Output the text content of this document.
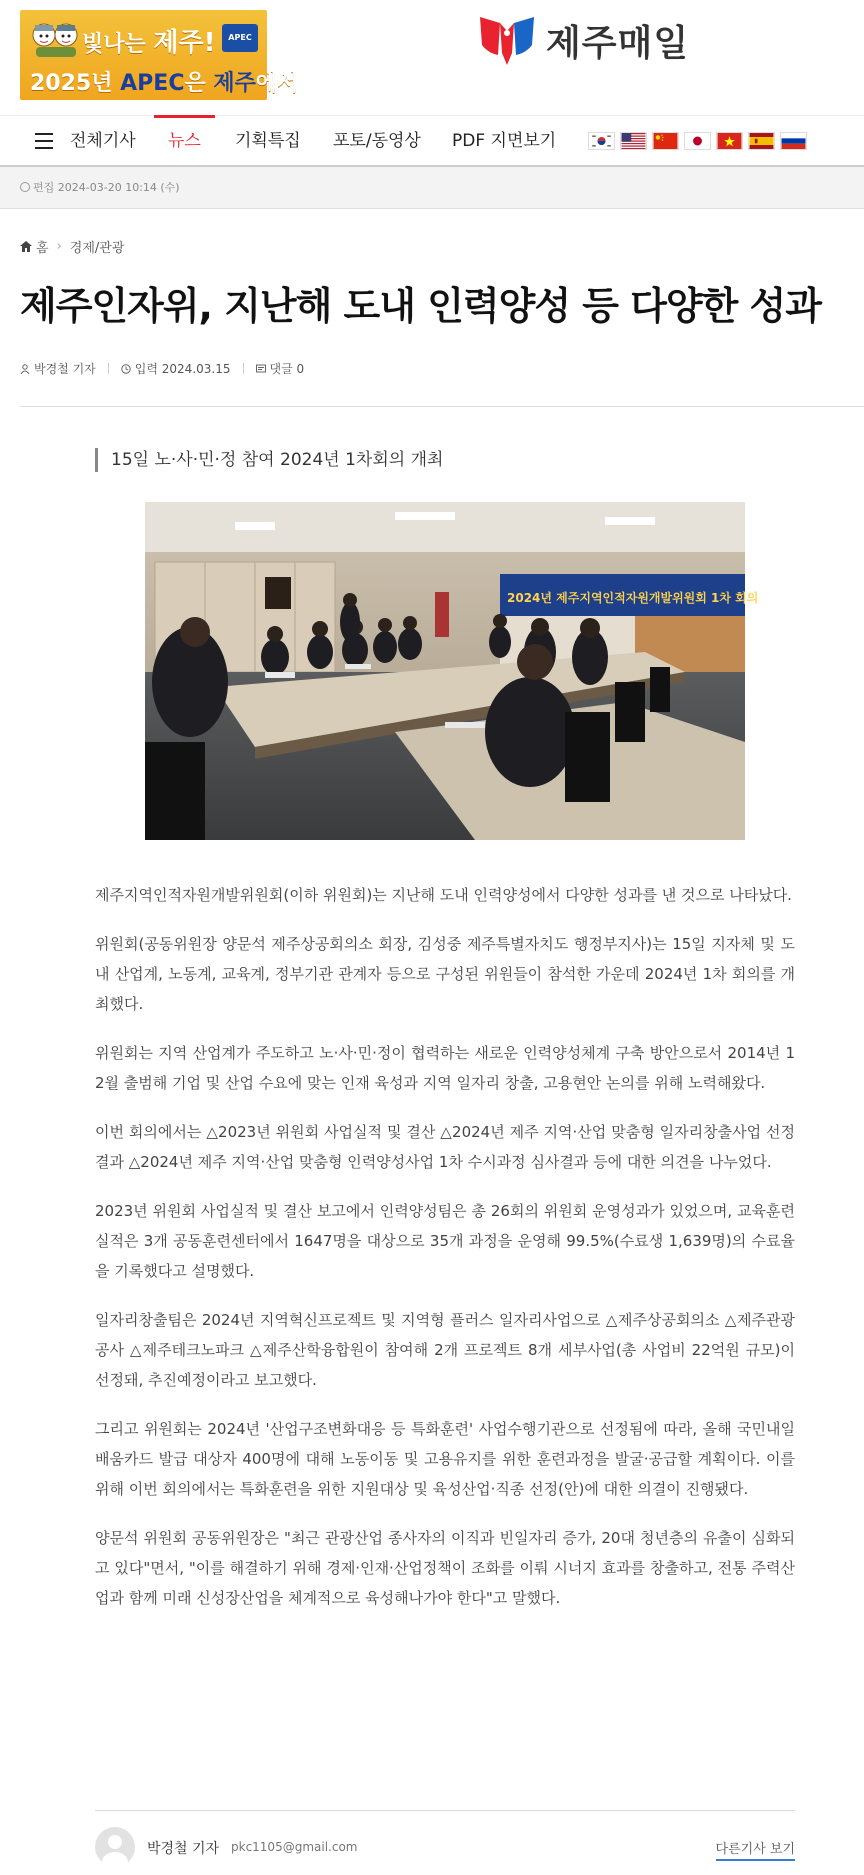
빛나는 제주!	APEC
2025년 APEC은 제주에서
제주매일
전체기사 뉴스 기획특집 포토/동영상 PDF 지면보기
편집 2024-03-20 10:14 (수)
홈 › 경제/관광
제주인자위, 지난해 도내 인력양성 등 다양한 성과
박경철 기자	입력 2024.03.15	댓글 0
15일 노·사·민·정 참여 2024년 1차회의 개최
2024년 제주지역인적자원개발위원회 1차 회의

제주지역인적자원개발위원회(이하 위원회)는 지난해 도내 인력양성에서 다양한 성과를 낸 것으로 나타났다.

위원회(공동위원장 양문석 제주상공회의소 회장, 김성중 제주특별자치도 행정부지사)는 15일 지자체 및 도내 산업계, 노동계, 교육계, 정부기관 관계자 등으로 구성된 위원들이 참석한 가운데 2024년 1차 회의를 개최했다.

위원회는 지역 산업계가 주도하고 노·사·민·정이 협력하는 새로운 인력양성체계 구축 방안으로서 2014년 12월 출범해 기업 및 산업 수요에 맞는 인재 육성과 지역 일자리 창출, 고용현안 논의를 위해 노력해왔다.

이번 회의에서는 △2023년 위원회 사업실적 및 결산 △2024년 제주 지역·산업 맞춤형 일자리창출사업 선정 결과 △2024년 제주 지역·산업 맞춤형 인력양성사업 1차 수시과정 심사결과 등에 대한 의견을 나누었다.

2023년 위원회 사업실적 및 결산 보고에서 인력양성팀은 총 26회의 위원회 운영성과가 있었으며, 교육훈련실적은 3개 공동훈련센터에서 1647명을 대상으로 35개 과정을 운영해 99.5%(수료생 1,639명)의 수료율을 기록했다고 설명했다.

일자리창출팀은 2024년 지역혁신프로젝트 및 지역형 플러스 일자리사업으로 △제주상공회의소 △제주관광공사 △제주테크노파크 △제주산학융합원이 참여해 2개 프로젝트 8개 세부사업(총 사업비 22억원 규모)이 선정돼, 추진예정이라고 보고했다.

그리고 위원회는 2024년 '산업구조변화대응 등 특화훈련' 사업수행기관으로 선정됨에 따라, 올해 국민내일배움카드 발급 대상자 400명에 대해 노동이동 및 고용유지를 위한 훈련과정을 발굴·공급할 계획이다. 이를 위해 이번 회의에서는 특화훈련을 위한 지원대상 및 육성산업·직종 선정(안)에 대한 의결이 진행됐다.

양문석 위원회 공동위원장은 "최근 관광산업 종사자의 이직과 빈일자리 증가, 20대 청년층의 유출이 심화되고 있다"면서, "이를 해결하기 위해 경제·인재·산업정책이 조화를 이뤄 시너지 효과를 창출하고, 전통 주력산업과 함께 미래 신성장산업을 체계적으로 육성해나가야 한다"고 말했다.

박경철 기자 pkc1105@gmail.com	다른기사 보기
